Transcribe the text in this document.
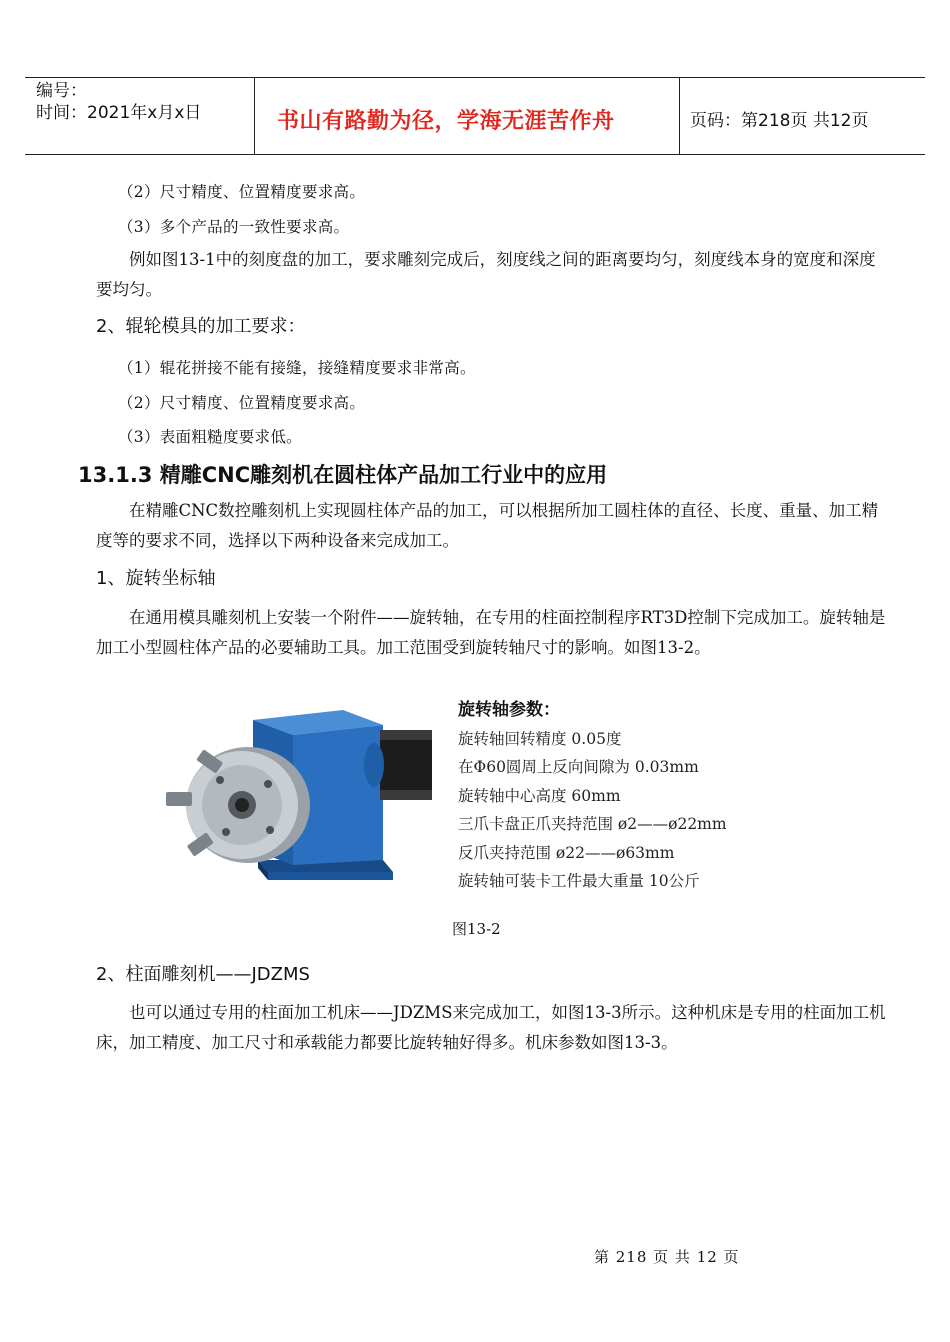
编号：
时间：2021年x月x日	书山有路勤为径，学海无涯苦作舟	页码：第218页 共12页
（2）尺寸精度、位置精度要求高。
（3）多个产品的一致性要求高。

例如图13-1中的刻度盘的加工，要求雕刻完成后，刻度线之间的距离要均匀，刻度线本身的宽度和深度要均匀。

2、辊轮模具的加工要求：
（1）辊花拼接不能有接缝，接缝精度要求非常高。
（2）尺寸精度、位置精度要求高。
（3）表面粗糙度要求低。
13.1.3 精雕CNC雕刻机在圆柱体产品加工行业中的应用

在精雕CNC数控雕刻机上实现圆柱体产品的加工，可以根据所加工圆柱体的直径、长度、重量、加工精度等的要求不同，选择以下两种设备来完成加工。

1、旋转坐标轴

在通用模具雕刻机上安装一个附件——旋转轴，在专用的柱面控制程序RT3D控制下完成加工。旋转轴是加工小型圆柱体产品的必要辅助工具。加工范围受到旋转轴尺寸的影响。如图13-2。

旋转轴参数：
旋转轴回转精度 0.05度
在Φ60圆周上反向间隙为 0.03mm
旋转轴中心高度 60mm
三爪卡盘正爪夹持范围 ø2——ø22mm
反爪夹持范围 ø22——ø63mm
旋转轴可装卡工件最大重量 10公斤
图13-2
2、柱面雕刻机——JDZMS

也可以通过专用的柱面加工机床——JDZMS来完成加工，如图13-3所示。这种机床是专用的柱面加工机床，加工精度、加工尺寸和承载能力都要比旋转轴好得多。机床参数如图13-3。

第 218 页 共 12 页
